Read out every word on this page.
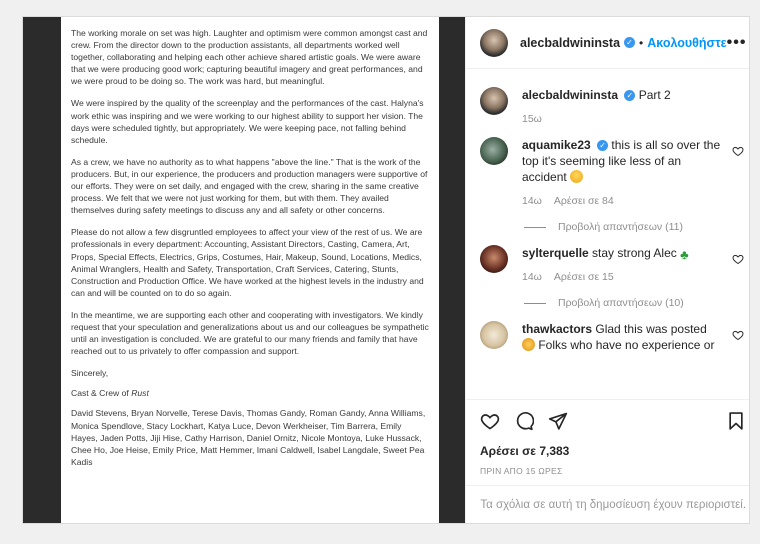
The working morale on set was high. Laughter and optimism were common amongst cast and crew. From the director down to the production assistants, all departments worked well together, collaborating and helping each other achieve shared artistic goals. We were aware that we were producing good work; capturing beautiful imagery and great performances, and we were proud to be doing so. The work was hard, but meaningful.

We were inspired by the quality of the screenplay and the performances of the cast. Halyna's work ethic was inspiring and we were working to our highest ability to support her vision. The days were scheduled tightly, but appropriately. We were keeping pace, not falling behind schedule.

As a crew, we have no authority as to what happens "above the line." That is the work of the producers. But, in our experience, the producers and production managers were supportive of our efforts. They were on set daily, and engaged with the crew, sharing in the same creative process. We felt that we were not just working for them, but with them. They availed themselves during safety meetings to discuss any and all safety or other concerns.

Please do not allow a few disgruntled employees to affect your view of the rest of us. We are professionals in every department: Accounting, Assistant Directors, Casting, Camera, Art, Props, Special Effects, Electrics, Grips, Costumes, Hair, Makeup, Sound, Locations, Medics, Animal Wranglers, Health and Safety, Transportation, Craft Services, Catering, Stunts, Construction and Production Office. We have worked at the highest levels in the industry and can and will be counted on to do so again.

In the meantime, we are supporting each other and cooperating with investigators. We kindly request that your speculation and generalizations about us and our colleagues be sympathetic until an investigation is concluded. We are grateful to our many friends and family that have reached out to us privately to offer compassion and support.

Sincerely,

Cast & Crew of Rust

David Stevens, Bryan Norvelle, Terese Davis, Thomas Gandy, Roman Gandy, Anna Williams, Monica Spendlove, Stacy Lockhart, Katya Luce, Devon Werkheiser, Tim Barrera, Emily Hayes, Jaden Potts, Jiji Hise, Cathy Harrison, Daniel Ornitz, Nicole Montoya, Luke Hussack, Chee Ho, Joe Heise, Emily Price, Matt Hemmer, Imani Caldwell, Isabel Langdale, Sweet Pea Kadis

alecbaldwininsta ✓ • Ακολουθήστε •••
alecbaldwininsta ✓ Part 2
15ω
aquamike23 ✓ this is all so over the top it's seeming like less of an accident
14ω Αρέσει σε 84
Προβολή απαντήσεων (11)
sylterquelle stay strong Alec ♣
14ω Αρέσει σε 15
Προβολή απαντήσεων (10)
thawkactors Glad this was posted
Folks who have no experience or
Αρέσει σε 7,383
ΠΡΙΝ ΑΠΟ 15 ΩΡΕΣ
Τα σχόλια σε αυτή τη δημοσίευση έχουν περιοριστεί.
